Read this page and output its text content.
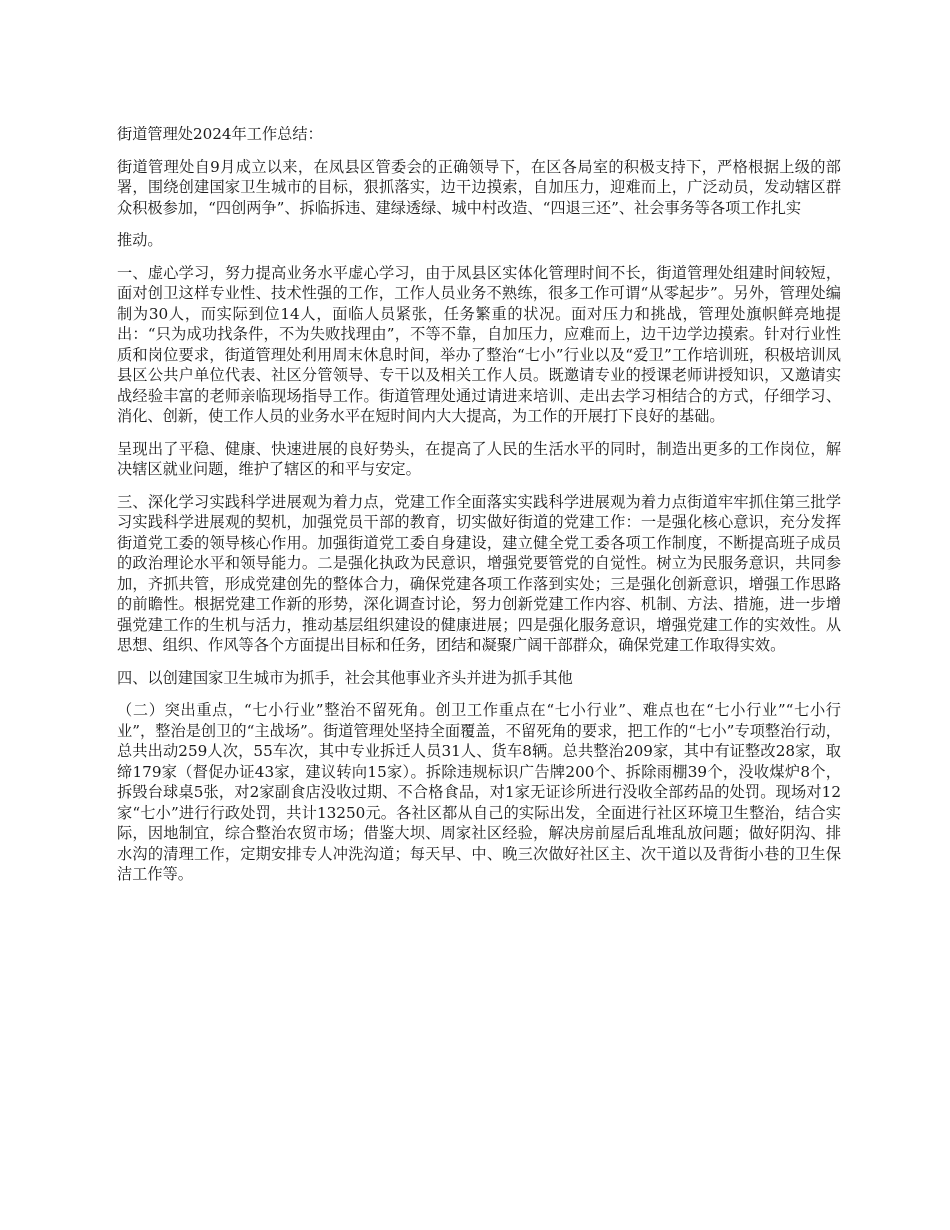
街道管理处2024年工作总结：

街道管理处自9月成立以来，在凤县区管委会的正确领导下，在区各局室的积极支持下，严格根据上级的部署，围绕创建国家卫生城市的目标，狠抓落实，边干边摸索，自加压力，迎难而上，广泛动员，发动辖区群众积极参加，“四创两争”、拆临拆违、建绿透绿、城中村改造、“四退三还”、社会事务等各项工作扎实

推动。

一、虚心学习，努力提高业务水平虚心学习，由于凤县区实体化管理时间不长，街道管理处组建时间较短，面对创卫这样专业性、技术性强的工作，工作人员业务不熟练，很多工作可谓“从零起步”。另外，管理处编制为30人，而实际到位14人，面临人员紧张，任务繁重的状况。面对压力和挑战，管理处旗帜鲜亮地提出：“只为成功找条件，不为失败找理由”，不等不靠，自加压力，应难而上，边干边学边摸索。针对行业性质和岗位要求，街道管理处利用周末休息时间，举办了整治“七小”行业以及“爱卫”工作培训班，积极培训凤县区公共户单位代表、社区分管领导、专干以及相关工作人员。既邀请专业的授课老师讲授知识，又邀请实战经验丰富的老师亲临现场指导工作。街道管理处通过请进来培训、走出去学习相结合的方式，仔细学习、消化、创新，使工作人员的业务水平在短时间内大大提高，为工作的开展打下良好的基础。

呈现出了平稳、健康、快速进展的良好势头，在提高了人民的生活水平的同时，制造出更多的工作岗位，解决辖区就业问题，维护了辖区的和平与安定。

三、深化学习实践科学进展观为着力点，党建工作全面落实实践科学进展观为着力点街道牢牢抓住第三批学习实践科学进展观的契机，加强党员干部的教育，切实做好街道的党建工作：一是强化核心意识，充分发挥街道党工委的领导核心作用。加强街道党工委自身建设，建立健全党工委各项工作制度，不断提高班子成员的政治理论水平和领导能力。二是强化执政为民意识，增强党要管党的自觉性。树立为民服务意识，共同参加，齐抓共管，形成党建创先的整体合力，确保党建各项工作落到实处；三是强化创新意识，增强工作思路的前瞻性。根据党建工作新的形势，深化调查讨论，努力创新党建工作内容、机制、方法、措施，进一步增强党建工作的生机与活力，推动基层组织建设的健康进展；四是强化服务意识，增强党建工作的实效性。从思想、组织、作风等各个方面提出目标和任务，团结和凝聚广阔干部群众，确保党建工作取得实效。

四、以创建国家卫生城市为抓手，社会其他事业齐头并进为抓手其他

（二）突出重点，“七小行业”整治不留死角。创卫工作重点在“七小行业”、难点也在“七小行业”“七小行业”，整治是创卫的“主战场”。街道管理处坚持全面覆盖，不留死角的要求，把工作的“七小”专项整治行动，总共出动259人次，55车次，其中专业拆迁人员31人、货车8辆。总共整治209家，其中有证整改28家，取缔179家（督促办证43家，建议转向15家）。拆除违规标识广告牌200个、拆除雨棚39个，没收煤炉8个，拆毁台球桌5张，对2家副食店没收过期、不合格食品，对1家无证诊所进行没收全部药品的处罚。现场对12家“七小”进行行政处罚，共计13250元。各社区都从自己的实际出发，全面进行社区环境卫生整治，结合实际，因地制宜，综合整治农贸市场；借鉴大坝、周家社区经验，解决房前屋后乱堆乱放问题；做好阴沟、排水沟的清理工作，定期安排专人冲洗沟道；每天早、中、晚三次做好社区主、次干道以及背街小巷的卫生保洁工作等。
